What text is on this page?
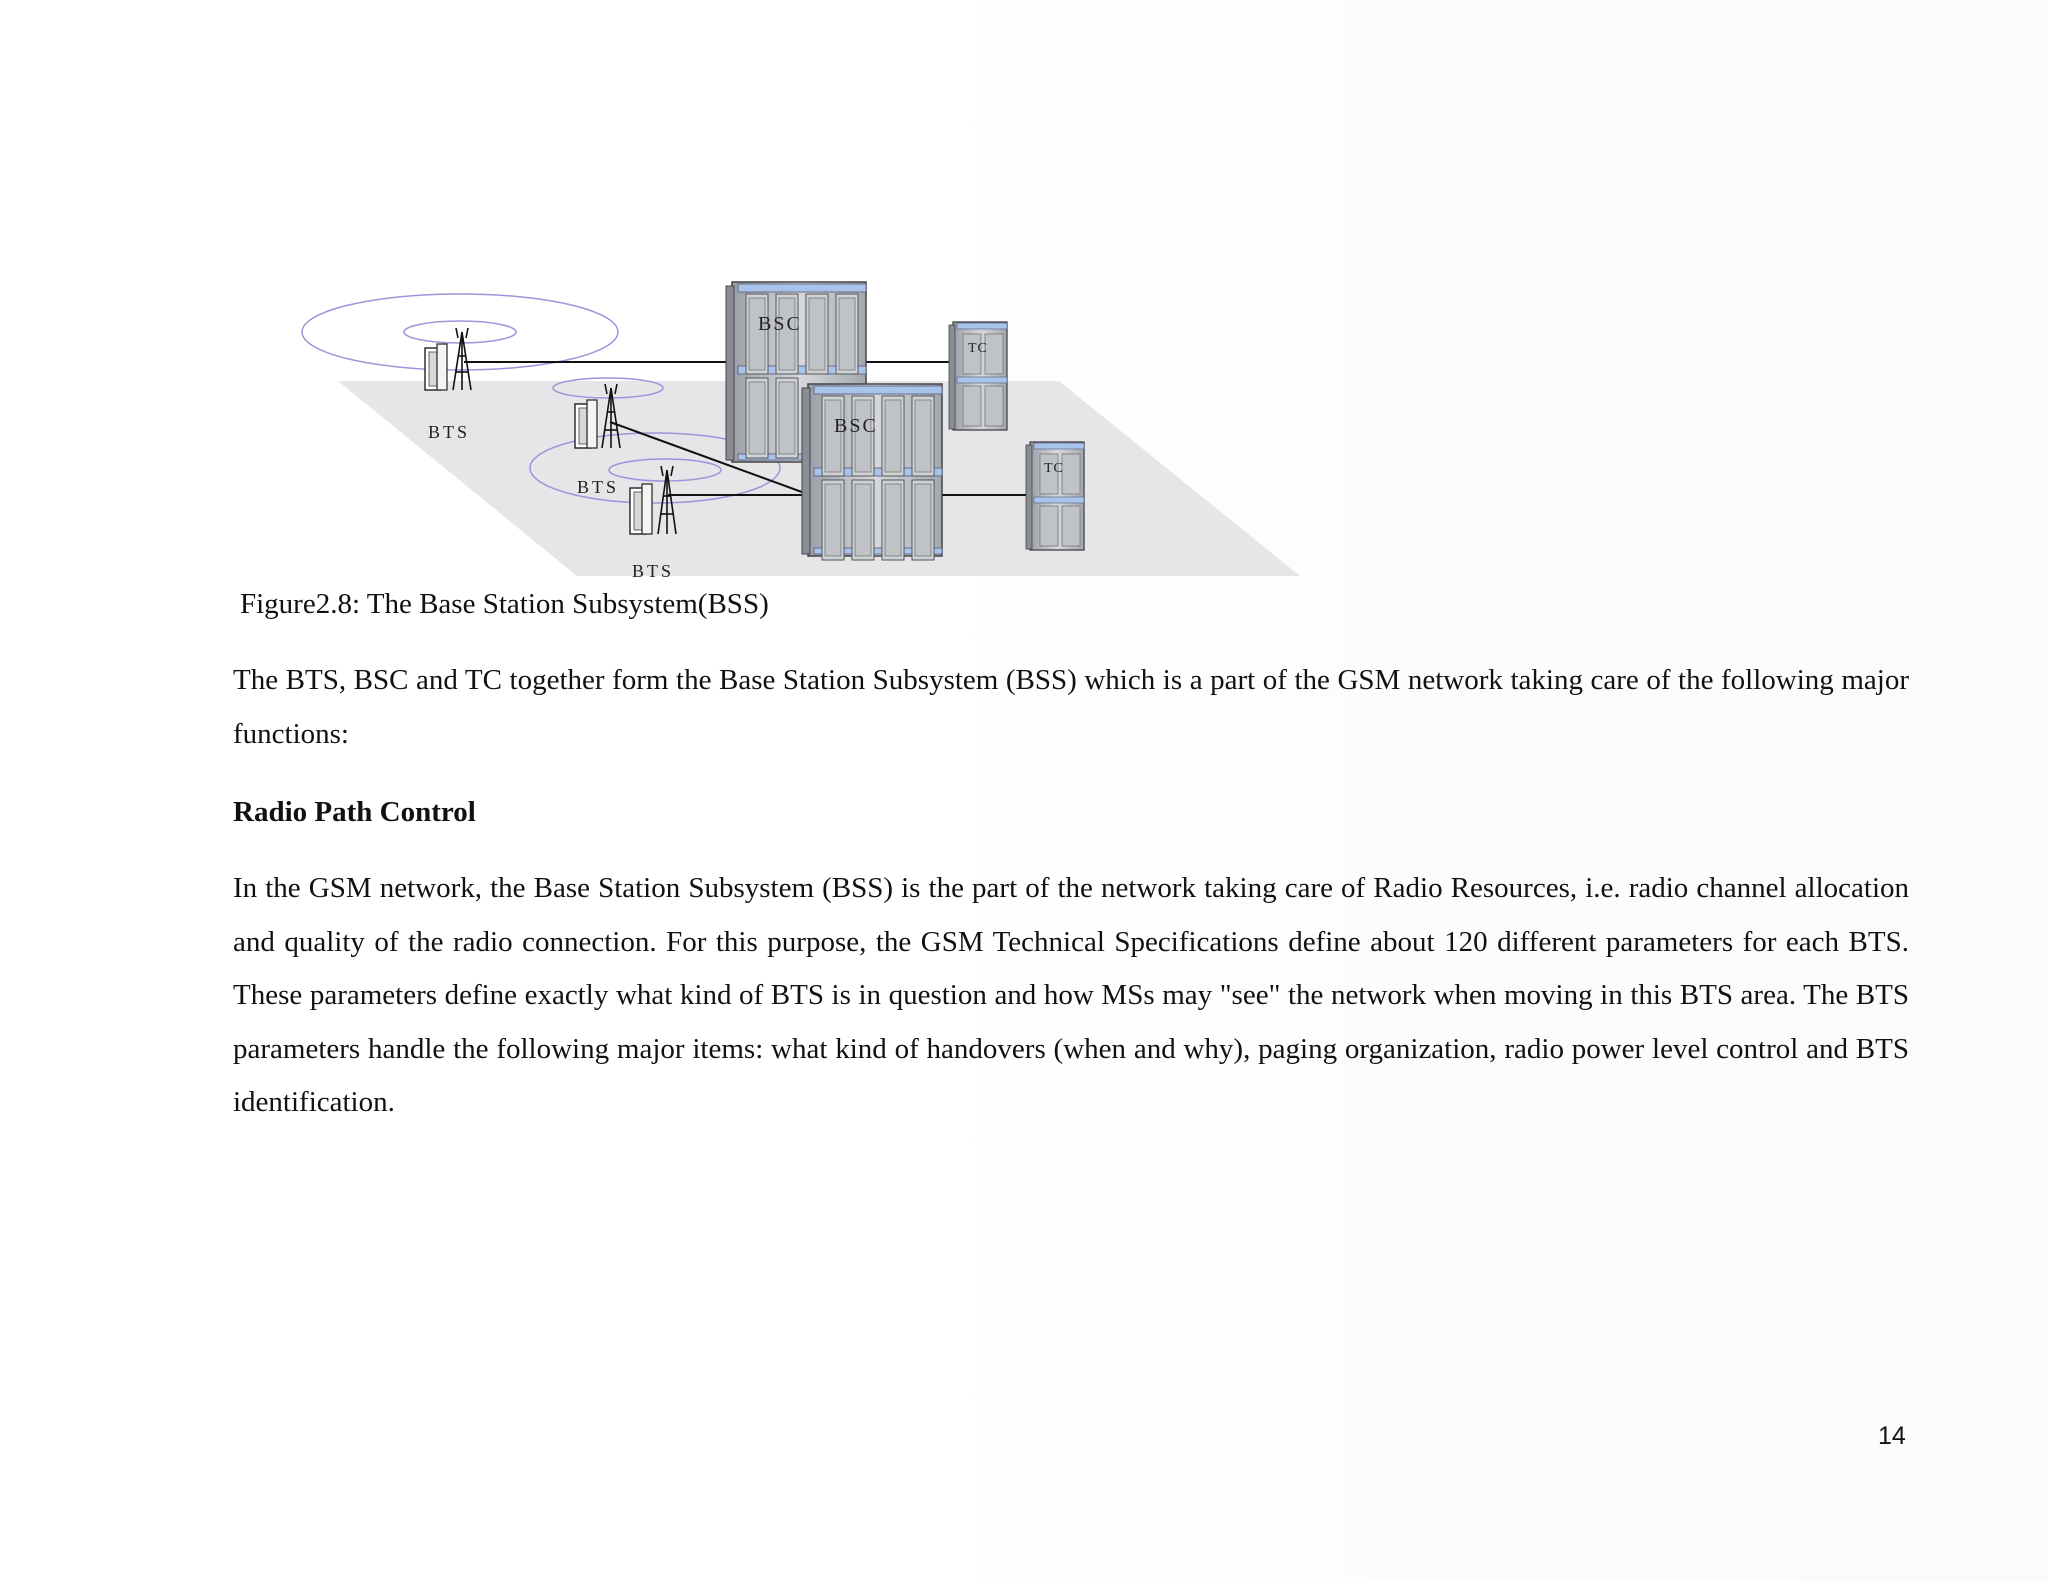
BTS
BTS
BTS
BSC
BSC
TC
TC
Figure2.8: The Base Station Subsystem(BSS)
The BTS, BSC and TC together form the Base Station Subsystem (BSS) which is a part of the GSM network taking care of the following major functions:
Radio Path Control
In the GSM network, the Base Station Subsystem (BSS) is the part of the network taking care of Radio Resources, i.e. radio channel allocation and quality of the radio connection. For this purpose, the GSM Technical Specifications define about 120 different parameters for each BTS. These parameters define exactly what kind of BTS is in question and how MSs may "see" the network when moving in this BTS area. The BTS parameters handle the following major items: what kind of handovers (when and why), paging organization, radio power level control and BTS identification.
14
